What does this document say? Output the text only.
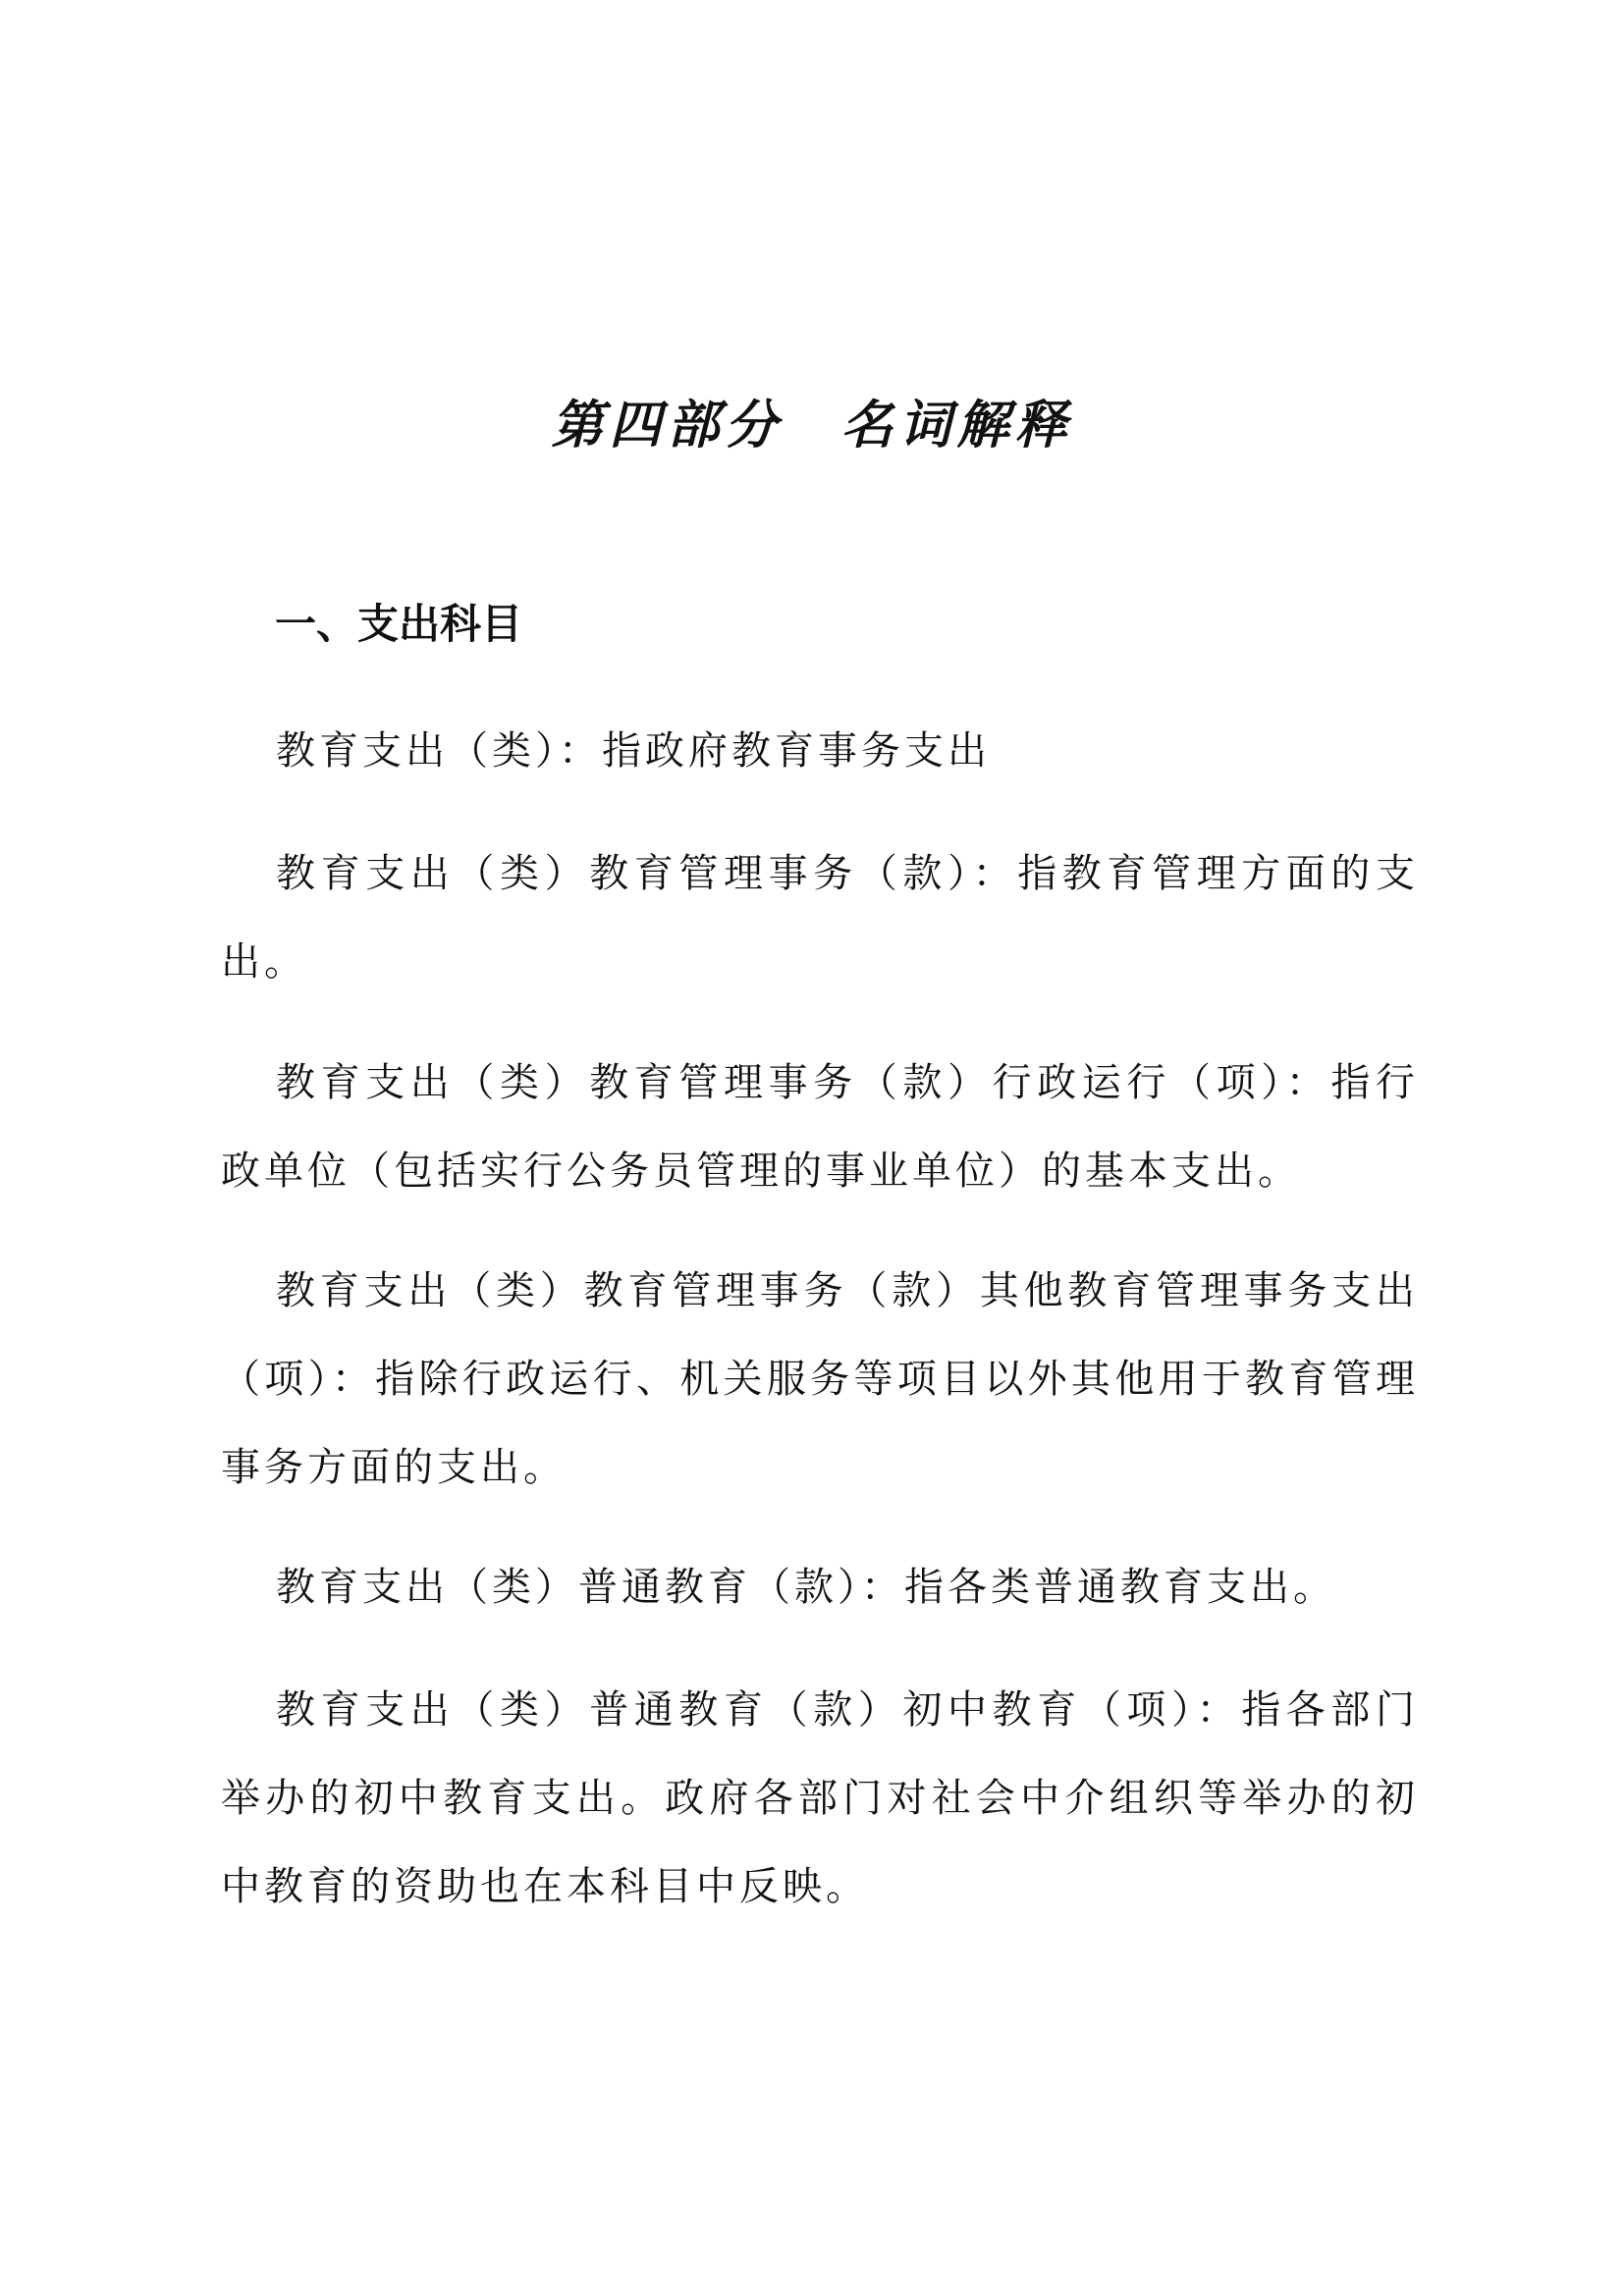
第四部分　名词解释
一、支出科目

教育支出（类）：指政府教育事务支出

教育支出（类）教育管理事务（款）：指教育管理方面的支出。

教育支出（类）教育管理事务（款）行政运行（项）：指行政单位（包括实行公务员管理的事业单位）的基本支出。

教育支出（类）教育管理事务（款）其他教育管理事务支出（项）：指除行政运行、机关服务等项目以外其他用于教育管理事务方面的支出。

教育支出（类）普通教育（款）：指各类普通教育支出。

教育支出（类）普通教育（款）初中教育（项）：指各部门举办的初中教育支出。政府各部门对社会中介组织等举办的初中教育的资助也在本科目中反映。
